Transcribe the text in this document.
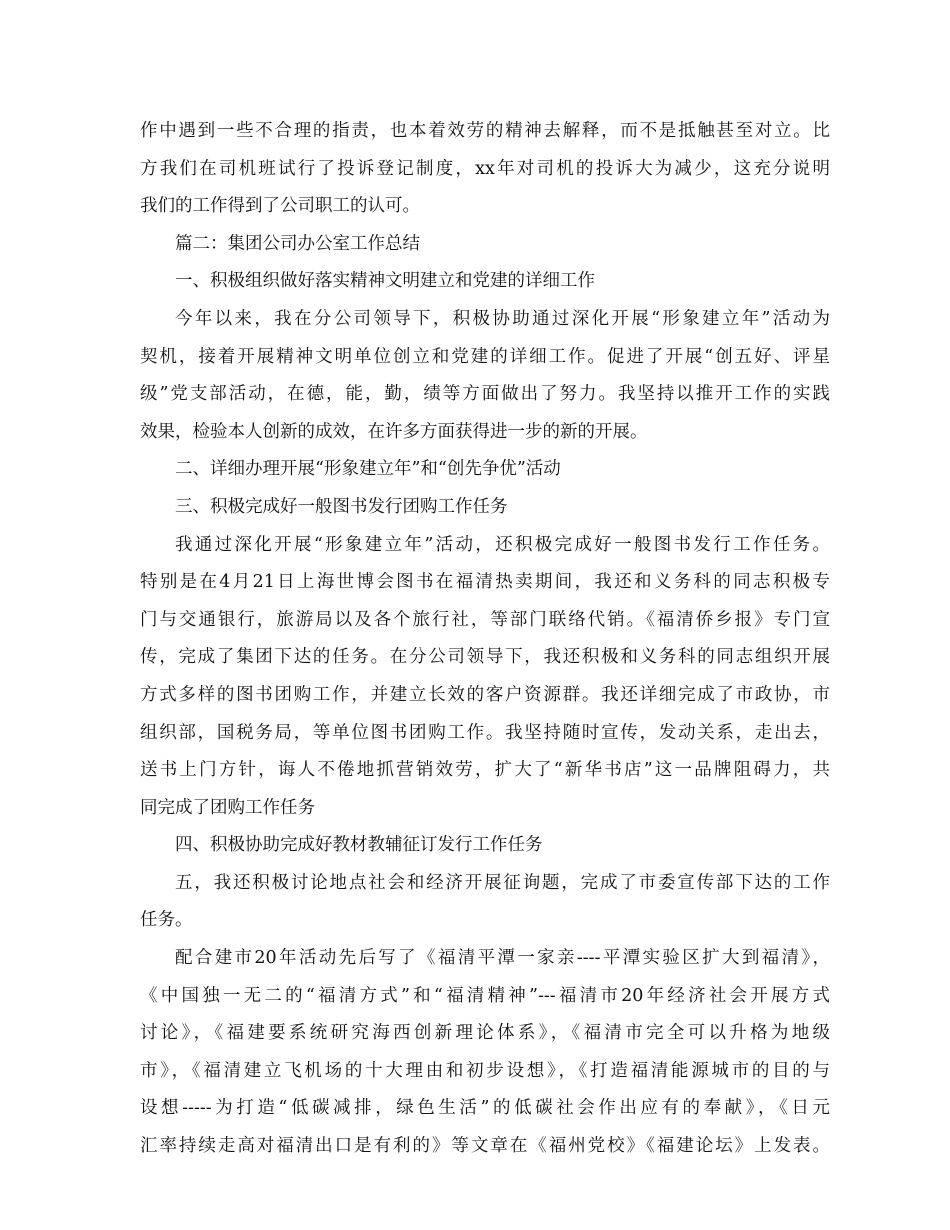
作中遇到一些不合理的指责，也本着效劳的精神去解释，而不是抵触甚至对立。比
方我们在司机班试行了投诉登记制度，xx年对司机的投诉大为减少，这充分说明
我们的工作得到了公司职工的认可。
篇二：集团公司办公室工作总结
一、积极组织做好落实精神文明建立和党建的详细工作
今年以来，我在分公司领导下，积极协助通过深化开展“形象建立年”活动为
契机，接着开展精神文明单位创立和党建的详细工作。促进了开展“创五好、评星
级”党支部活动，在德，能，勤，绩等方面做出了努力。我坚持以推开工作的实践
效果，检验本人创新的成效，在许多方面获得进一步的新的开展。
二、详细办理开展“形象建立年”和“创先争优”活动
三、积极完成好一般图书发行团购工作任务
我通过深化开展“形象建立年”活动，还积极完成好一般图书发行工作任务。
特别是在4月21日上海世博会图书在福清热卖期间，我还和义务科的同志积极专
门与交通银行，旅游局以及各个旅行社，等部门联络代销。《福清侨乡报》专门宣
传，完成了集团下达的任务。在分公司领导下，我还积极和义务科的同志组织开展
方式多样的图书团购工作，并建立长效的客户资源群。我还详细完成了市政协，市
组织部，国税务局，等单位图书团购工作。我坚持随时宣传，发动关系，走出去，
送书上门方针，诲人不倦地抓营销效劳，扩大了“新华书店”这一品牌阻碍力，共
同完成了团购工作任务
四、积极协助完成好教材教辅征订发行工作任务
五，我还积极讨论地点社会和经济开展征询题，完成了市委宣传部下达的工作
任务。
配合建市20年活动先后写了《福清平潭一家亲----平潭实验区扩大到福清》，
《中国独一无二的“福清方式”和“福清精神”---福清市20年经济社会开展方式
讨论》，《福建要系统研究海西创新理论体系》，《福清市完全可以升格为地级
市》，《福清建立飞机场的十大理由和初步设想》，《打造福清能源城市的目的与
设想-----为打造“低碳减排，绿色生活”的低碳社会作出应有的奉献》，《日元
汇率持续走高对福清出口是有利的》等文章在《福州党校》《福建论坛》上发表。
